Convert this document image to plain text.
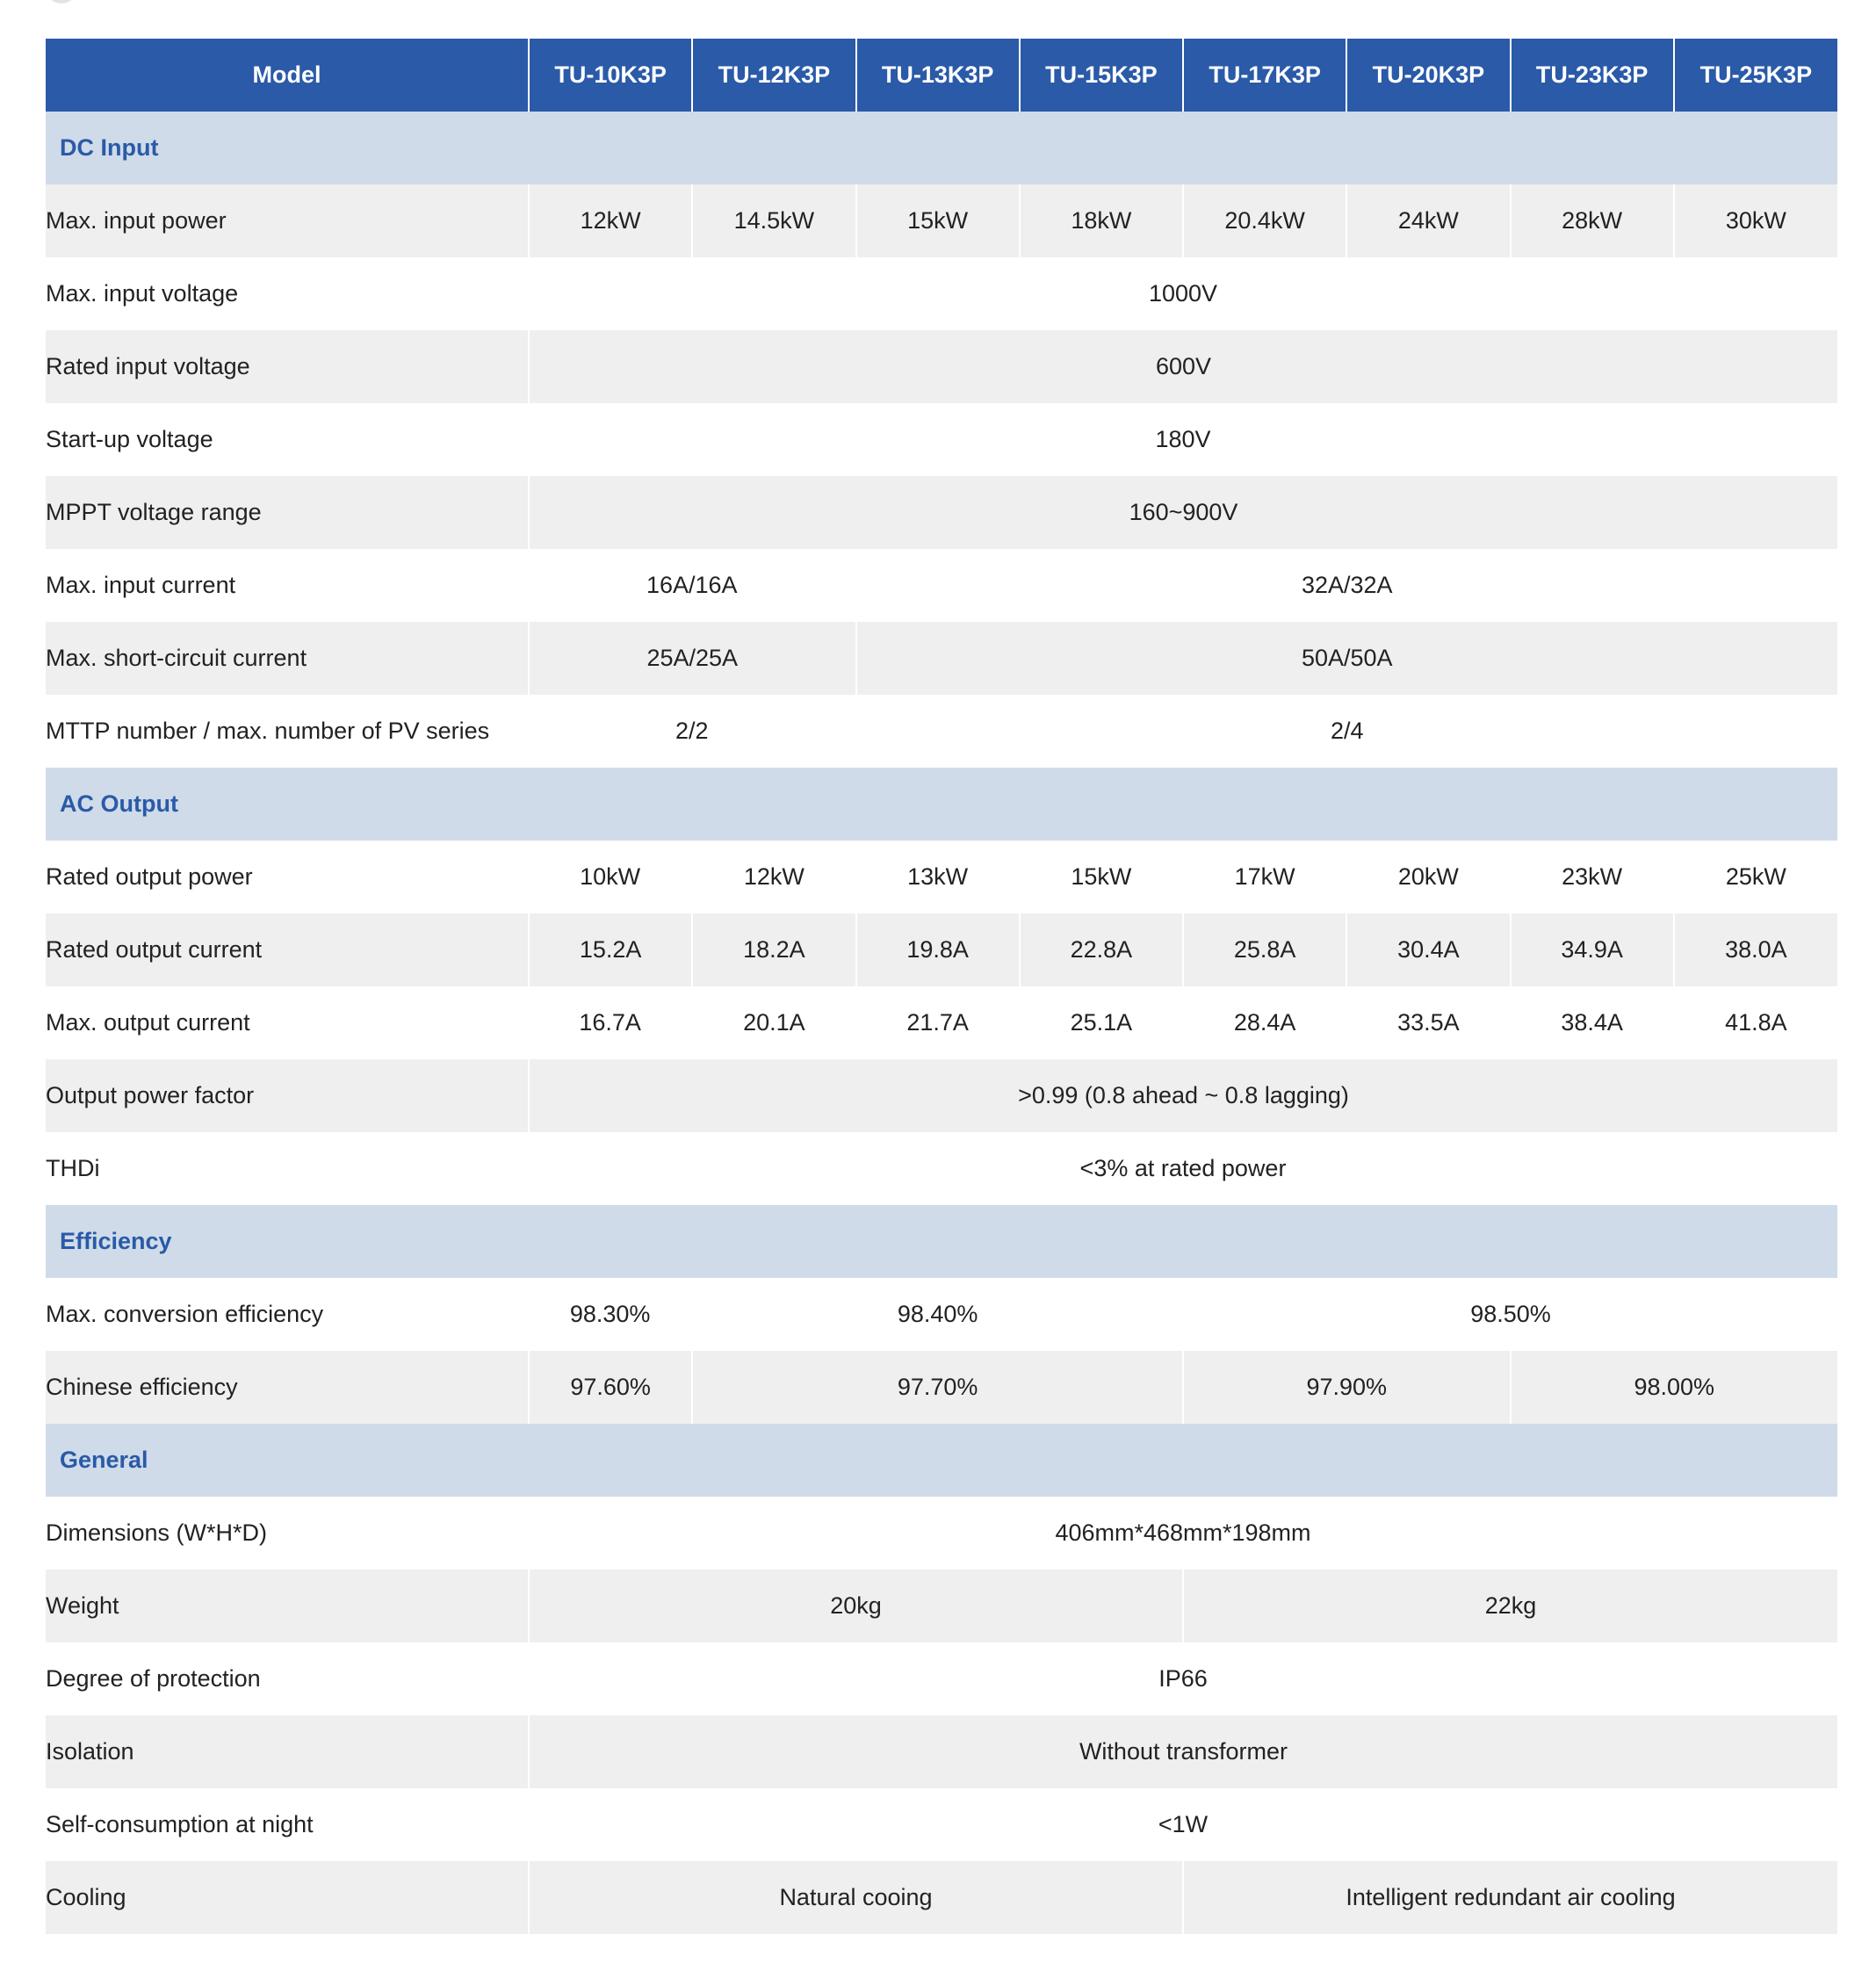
Model	TU-10K3P	TU-12K3P	TU-13K3P	TU-15K3P	TU-17K3P	TU-20K3P	TU-23K3P	TU-25K3P
DC Input								
Max. input power	12kW	14.5kW	15kW	18kW	20.4kW	24kW	28kW	30kW
Max. input voltage	1000V							
Rated input voltage	600V							
Start-up voltage	180V							
MPPT voltage range	160~900V							
Max. input current	16A/16A		32A/32A					
Max. short-circuit current	25A/25A		50A/50A					
MTTP number / max. number of PV series	2/2		2/4					
AC Output								
Rated output power	10kW	12kW	13kW	15kW	17kW	20kW	23kW	25kW
Rated output current	15.2A	18.2A	19.8A	22.8A	25.8A	30.4A	34.9A	38.0A
Max. output current	16.7A	20.1A	21.7A	25.1A	28.4A	33.5A	38.4A	41.8A
Output power factor	>0.99 (0.8 ahead ~ 0.8 lagging)							
THDi	<3% at rated power							
Efficiency								
Max. conversion efficiency	98.30%	98.40%			98.50%			
Chinese efficiency	97.60%	97.70%			97.90%		98.00%	
General								
Dimensions (W*H*D)	406mm*468mm*198mm							
Weight	20kg				22kg			
Degree of protection	IP66							
Isolation	Without transformer							
Self-consumption at night	<1W							
Cooling	Natural cooing				Intelligent redundant air cooling			
